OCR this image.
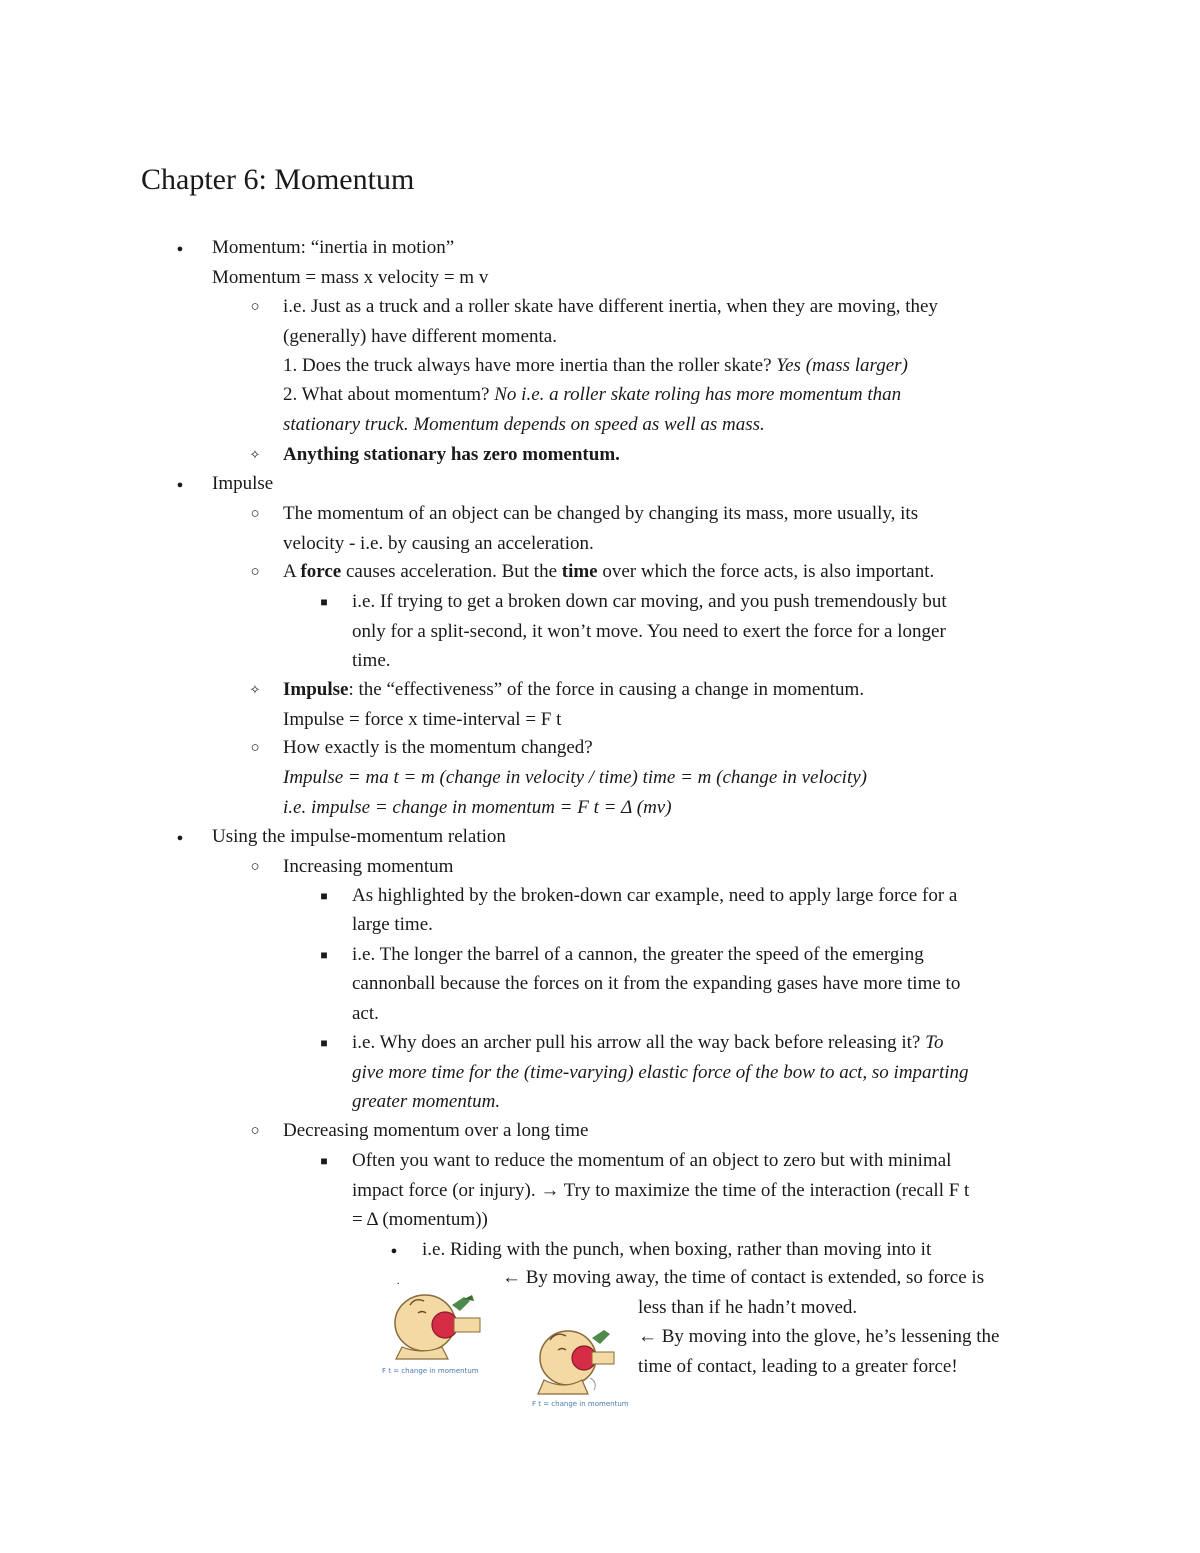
Chapter 6: Momentum
●
Momentum: “inertia in motion”
Momentum = mass x velocity = m v
○
i.e. Just as a truck and a roller skate have different inertia, when they are moving, they
(generally) have different momenta.
1. Does the truck always have more inertia than the roller skate? Yes (mass larger)
2. What about momentum? No i.e. a roller skate roling has more momentum than
stationary truck. Momentum depends on speed as well as mass.
✧
Anything stationary has zero momentum.
●
Impulse
○
The momentum of an object can be changed by changing its mass, more usually, its
velocity - i.e. by causing an acceleration.
○
A force causes acceleration. But the time over which the force acts, is also important.
■
i.e. If trying to get a broken down car moving, and you push tremendously but
only for a split-second, it won’t move. You need to exert the force for a longer
time.
✧
Impulse: the “effectiveness” of the force in causing a change in momentum.
Impulse = force x time-interval = F t
○
How exactly is the momentum changed?
Impulse = ma t = m (change in velocity / time) time = m (change in velocity)
i.e. impulse = change in momentum = F t = Δ (mv)
●
Using the impulse-momentum relation
○
Increasing momentum
■
As highlighted by the broken-down car example, need to apply large force for a
large time.
■
i.e. The longer the barrel of a cannon, the greater the speed of the emerging
cannonball because the forces on it from the expanding gases have more time to
act.
■
i.e. Why does an archer pull his arrow all the way back before releasing it? To
give more time for the (time-varying) elastic force of the bow to act, so imparting
greater momentum.
○
Decreasing momentum over a long time
■
Often you want to reduce the momentum of an object to zero but with minimal
impact force (or injury). → Try to maximize the time of the interaction (recall F t
= Δ (momentum))
●
i.e. Riding with the punch, when boxing, rather than moving into it
.	← By moving away, the time of contact is extended, so force is
less than if he hadn’t moved.
← By moving into the glove, he’s lessening the
time of contact, leading to a greater force!
F t = change in momentum
F t = change in momentum
